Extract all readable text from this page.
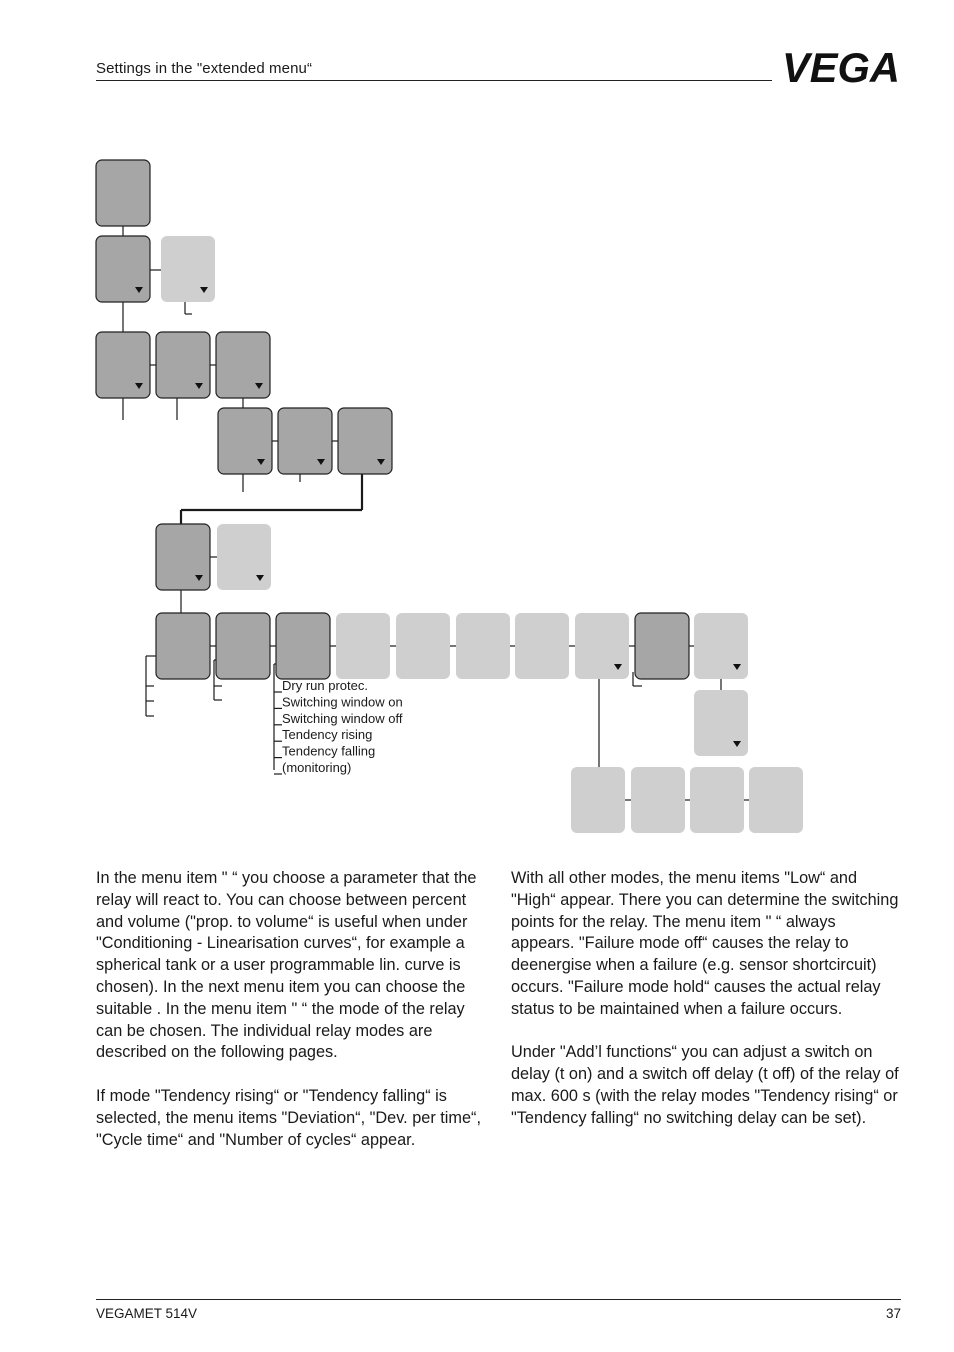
Settings in the "extended menu“	VEGA
Dry run protec.
Switching window on
Switching window off
Tendency rising
Tendency falling
(monitoring)

In the menu item " “ you choose a parameter that the relay will react to. You can choose between percent and volume ("prop. to volume“ is useful when under "Conditioning - Linearisation curves“, for example a spherical tank or a user programmable lin. curve is chosen). In the next menu item you can choose the suitable . In the menu item " “ the mode of the relay can be chosen. The individual relay modes are described on the following pages.

If mode "Tendency rising“ or "Tendency falling“ is selected, the menu items "Deviation“, "Dev. per time“, "Cycle time“ and "Number of cycles“ appear.

With all other modes, the menu items "Low“ and "High“ appear. There you can determine the switching points for the relay. The menu item " “ always appears. "Failure mode off“ causes the relay to deenergise when a failure (e.g. sensor shortcircuit) occurs. "Failure mode hold“ causes the actual relay status to be maintained when a failure occurs.

Under "Add’l functions“ you can adjust a switch on delay (t on) and a switch off delay (t off) of the relay of max. 600 s (with the relay modes "Tendency rising“ or "Tendency falling“ no switching delay can be set).

VEGAMET 514V	37
